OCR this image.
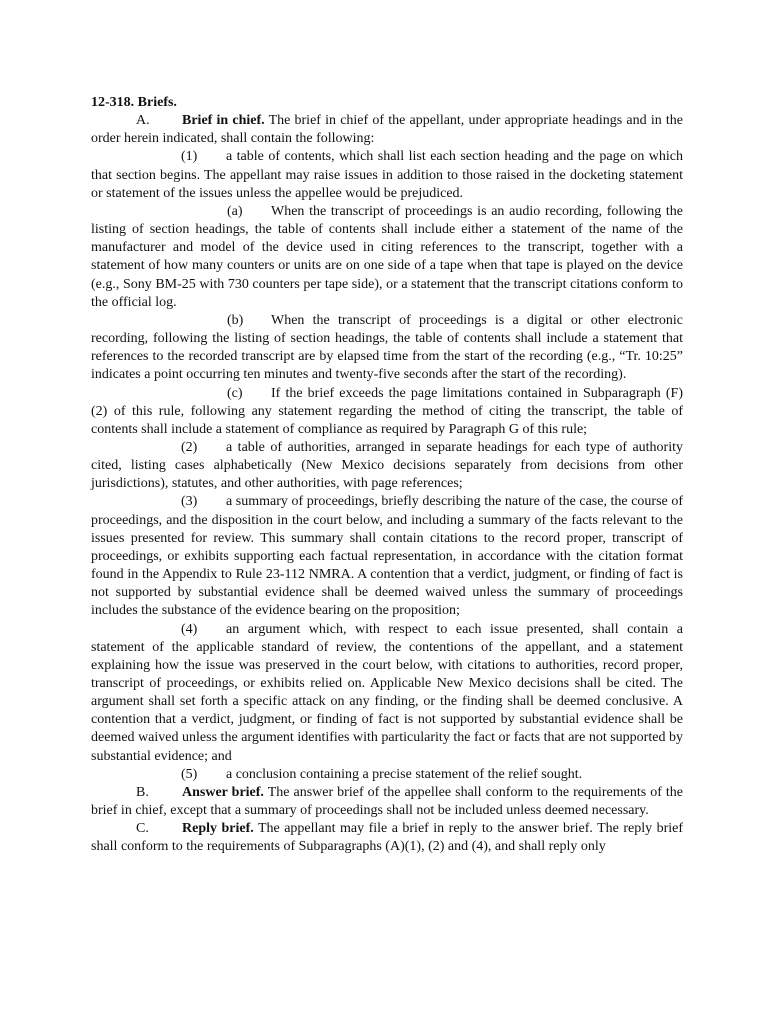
12-318. Briefs.

A. Brief in chief. The brief in chief of the appellant, under appropriate headings and in the order herein indicated, shall contain the following:

(1) a table of contents, which shall list each section heading and the page on which that section begins. The appellant may raise issues in addition to those raised in the docketing statement or statement of the issues unless the appellee would be prejudiced.

(a) When the transcript of proceedings is an audio recording, following the listing of section headings, the table of contents shall include either a statement of the name of the manufacturer and model of the device used in citing references to the transcript, together with a statement of how many counters or units are on one side of a tape when that tape is played on the device (e.g., Sony BM-25 with 730 counters per tape side), or a statement that the transcript citations conform to the official log.

(b) When the transcript of proceedings is a digital or other electronic recording, following the listing of section headings, the table of contents shall include a statement that references to the recorded transcript are by elapsed time from the start of the recording (e.g., “Tr. 10:25” indicates a point occurring ten minutes and twenty-five seconds after the start of the recording).

(c) If the brief exceeds the page limitations contained in Subparagraph (F)(2) of this rule, following any statement regarding the method of citing the transcript, the table of contents shall include a statement of compliance as required by Paragraph G of this rule;

(2) a table of authorities, arranged in separate headings for each type of authority cited, listing cases alphabetically (New Mexico decisions separately from decisions from other jurisdictions), statutes, and other authorities, with page references;

(3) a summary of proceedings, briefly describing the nature of the case, the course of proceedings, and the disposition in the court below, and including a summary of the facts relevant to the issues presented for review. This summary shall contain citations to the record proper, transcript of proceedings, or exhibits supporting each factual representation, in accordance with the citation format found in the Appendix to Rule 23-112 NMRA. A contention that a verdict, judgment, or finding of fact is not supported by substantial evidence shall be deemed waived unless the summary of proceedings includes the substance of the evidence bearing on the proposition;

(4) an argument which, with respect to each issue presented, shall contain a statement of the applicable standard of review, the contentions of the appellant, and a statement explaining how the issue was preserved in the court below, with citations to authorities, record proper, transcript of proceedings, or exhibits relied on. Applicable New Mexico decisions shall be cited. The argument shall set forth a specific attack on any finding, or the finding shall be deemed conclusive. A contention that a verdict, judgment, or finding of fact is not supported by substantial evidence shall be deemed waived unless the argument identifies with particularity the fact or facts that are not supported by substantial evidence; and

(5) a conclusion containing a precise statement of the relief sought.

B. Answer brief. The answer brief of the appellee shall conform to the requirements of the brief in chief, except that a summary of proceedings shall not be included unless deemed necessary.

C. Reply brief. The appellant may file a brief in reply to the answer brief. The reply brief shall conform to the requirements of Subparagraphs (A)(1), (2) and (4), and shall reply only
